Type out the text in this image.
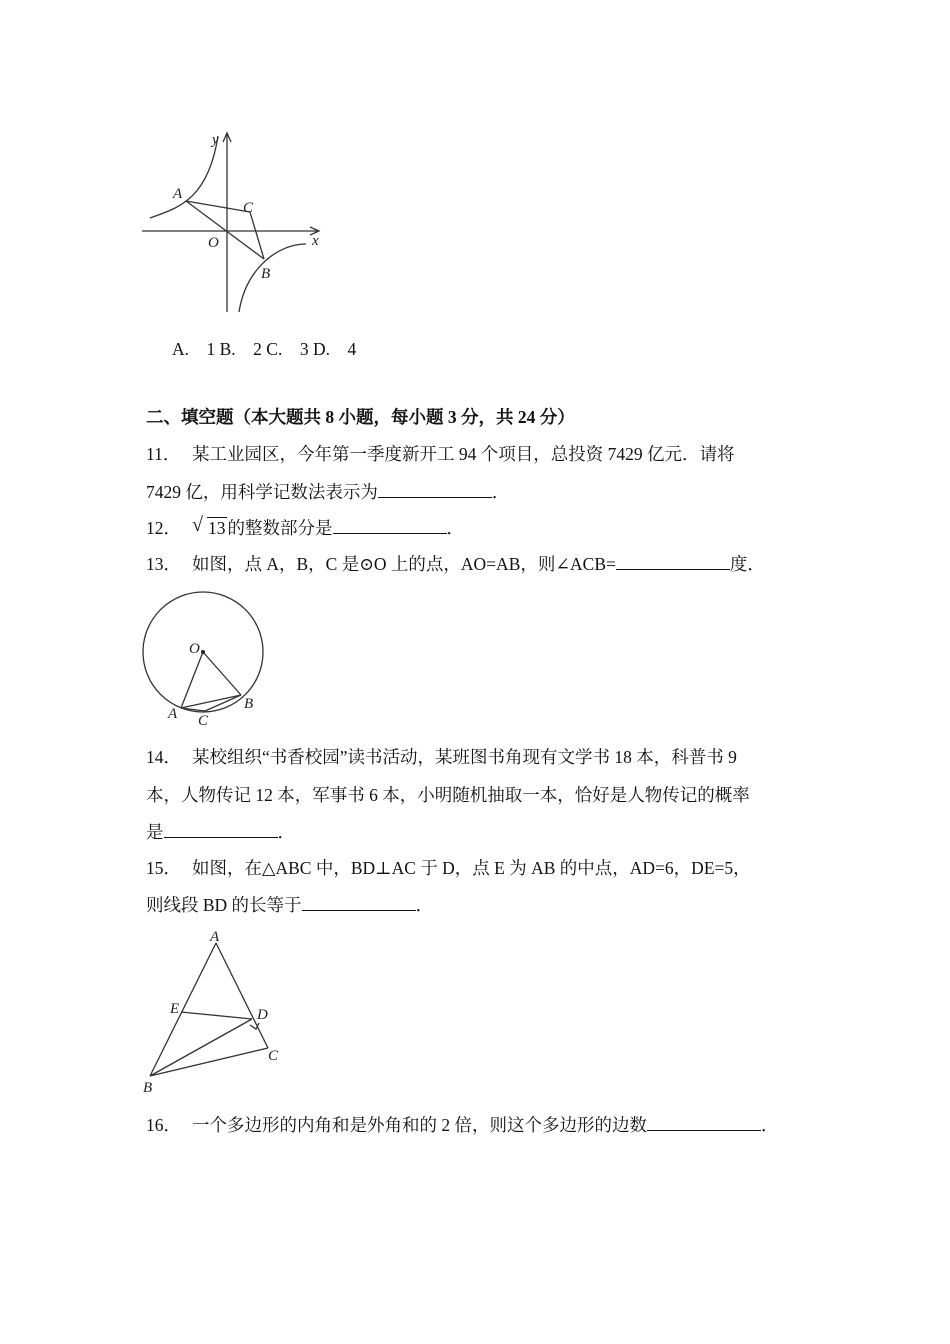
y
x
O
A
C
B
A.　1 B.　2 C.　3 D.　4
二、填空题（本大题共 8 小题，每小题 3 分，共 24 分）
11． 某工业园区，今年第一季度新开工 94 个项目，总投资 7429 亿元．请将
7429 亿，用科学记数法表示为	．
12． √ 13 的整数部分是	．
13． 如图，点 A，B，C 是⊙O 上的点，AO=AB，则∠ACB=	度．
O
A C
B
14． 某校组织“书香校园”读书活动，某班图书角现有文学书 18 本，科普书 9
本，人物传记 12 本，军事书 6 本，小明随机抽取一本，恰好是人物传记的概率
是	．
15． 如图，在△ABC 中，BD⊥AC 于 D，点 E 为 AB 的中点，AD=6，DE=5，
则线段 BD 的长等于	．
A
E	D
C
B
16． 一个多边形的内角和是外角和的 2 倍，则这个多边形的边数	．
